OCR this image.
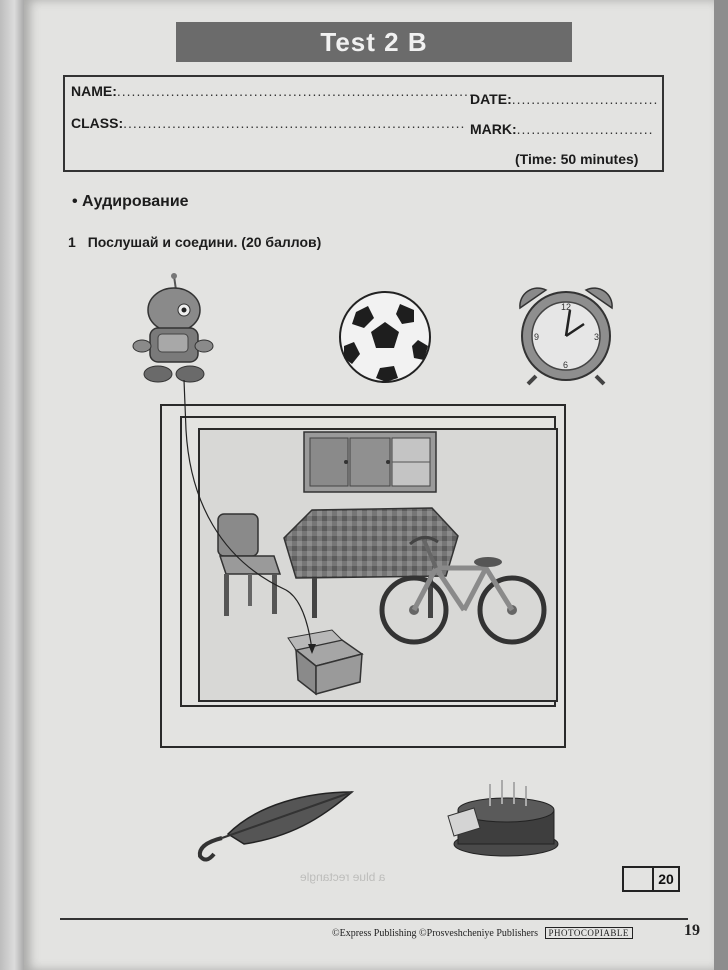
Test 2 B
NAME:.........................................................................
DATE:..............................
CLASS:...................................................................... MARK:............................
(Time: 50 minutes)
• Аудирование
1 Послушай и соедини. (20 баллов)
a blue rectangle
12
3
6
9
20
©Express Publishing ©Prosveshcheniye Publishers PHOTOCOPIABLE	19
